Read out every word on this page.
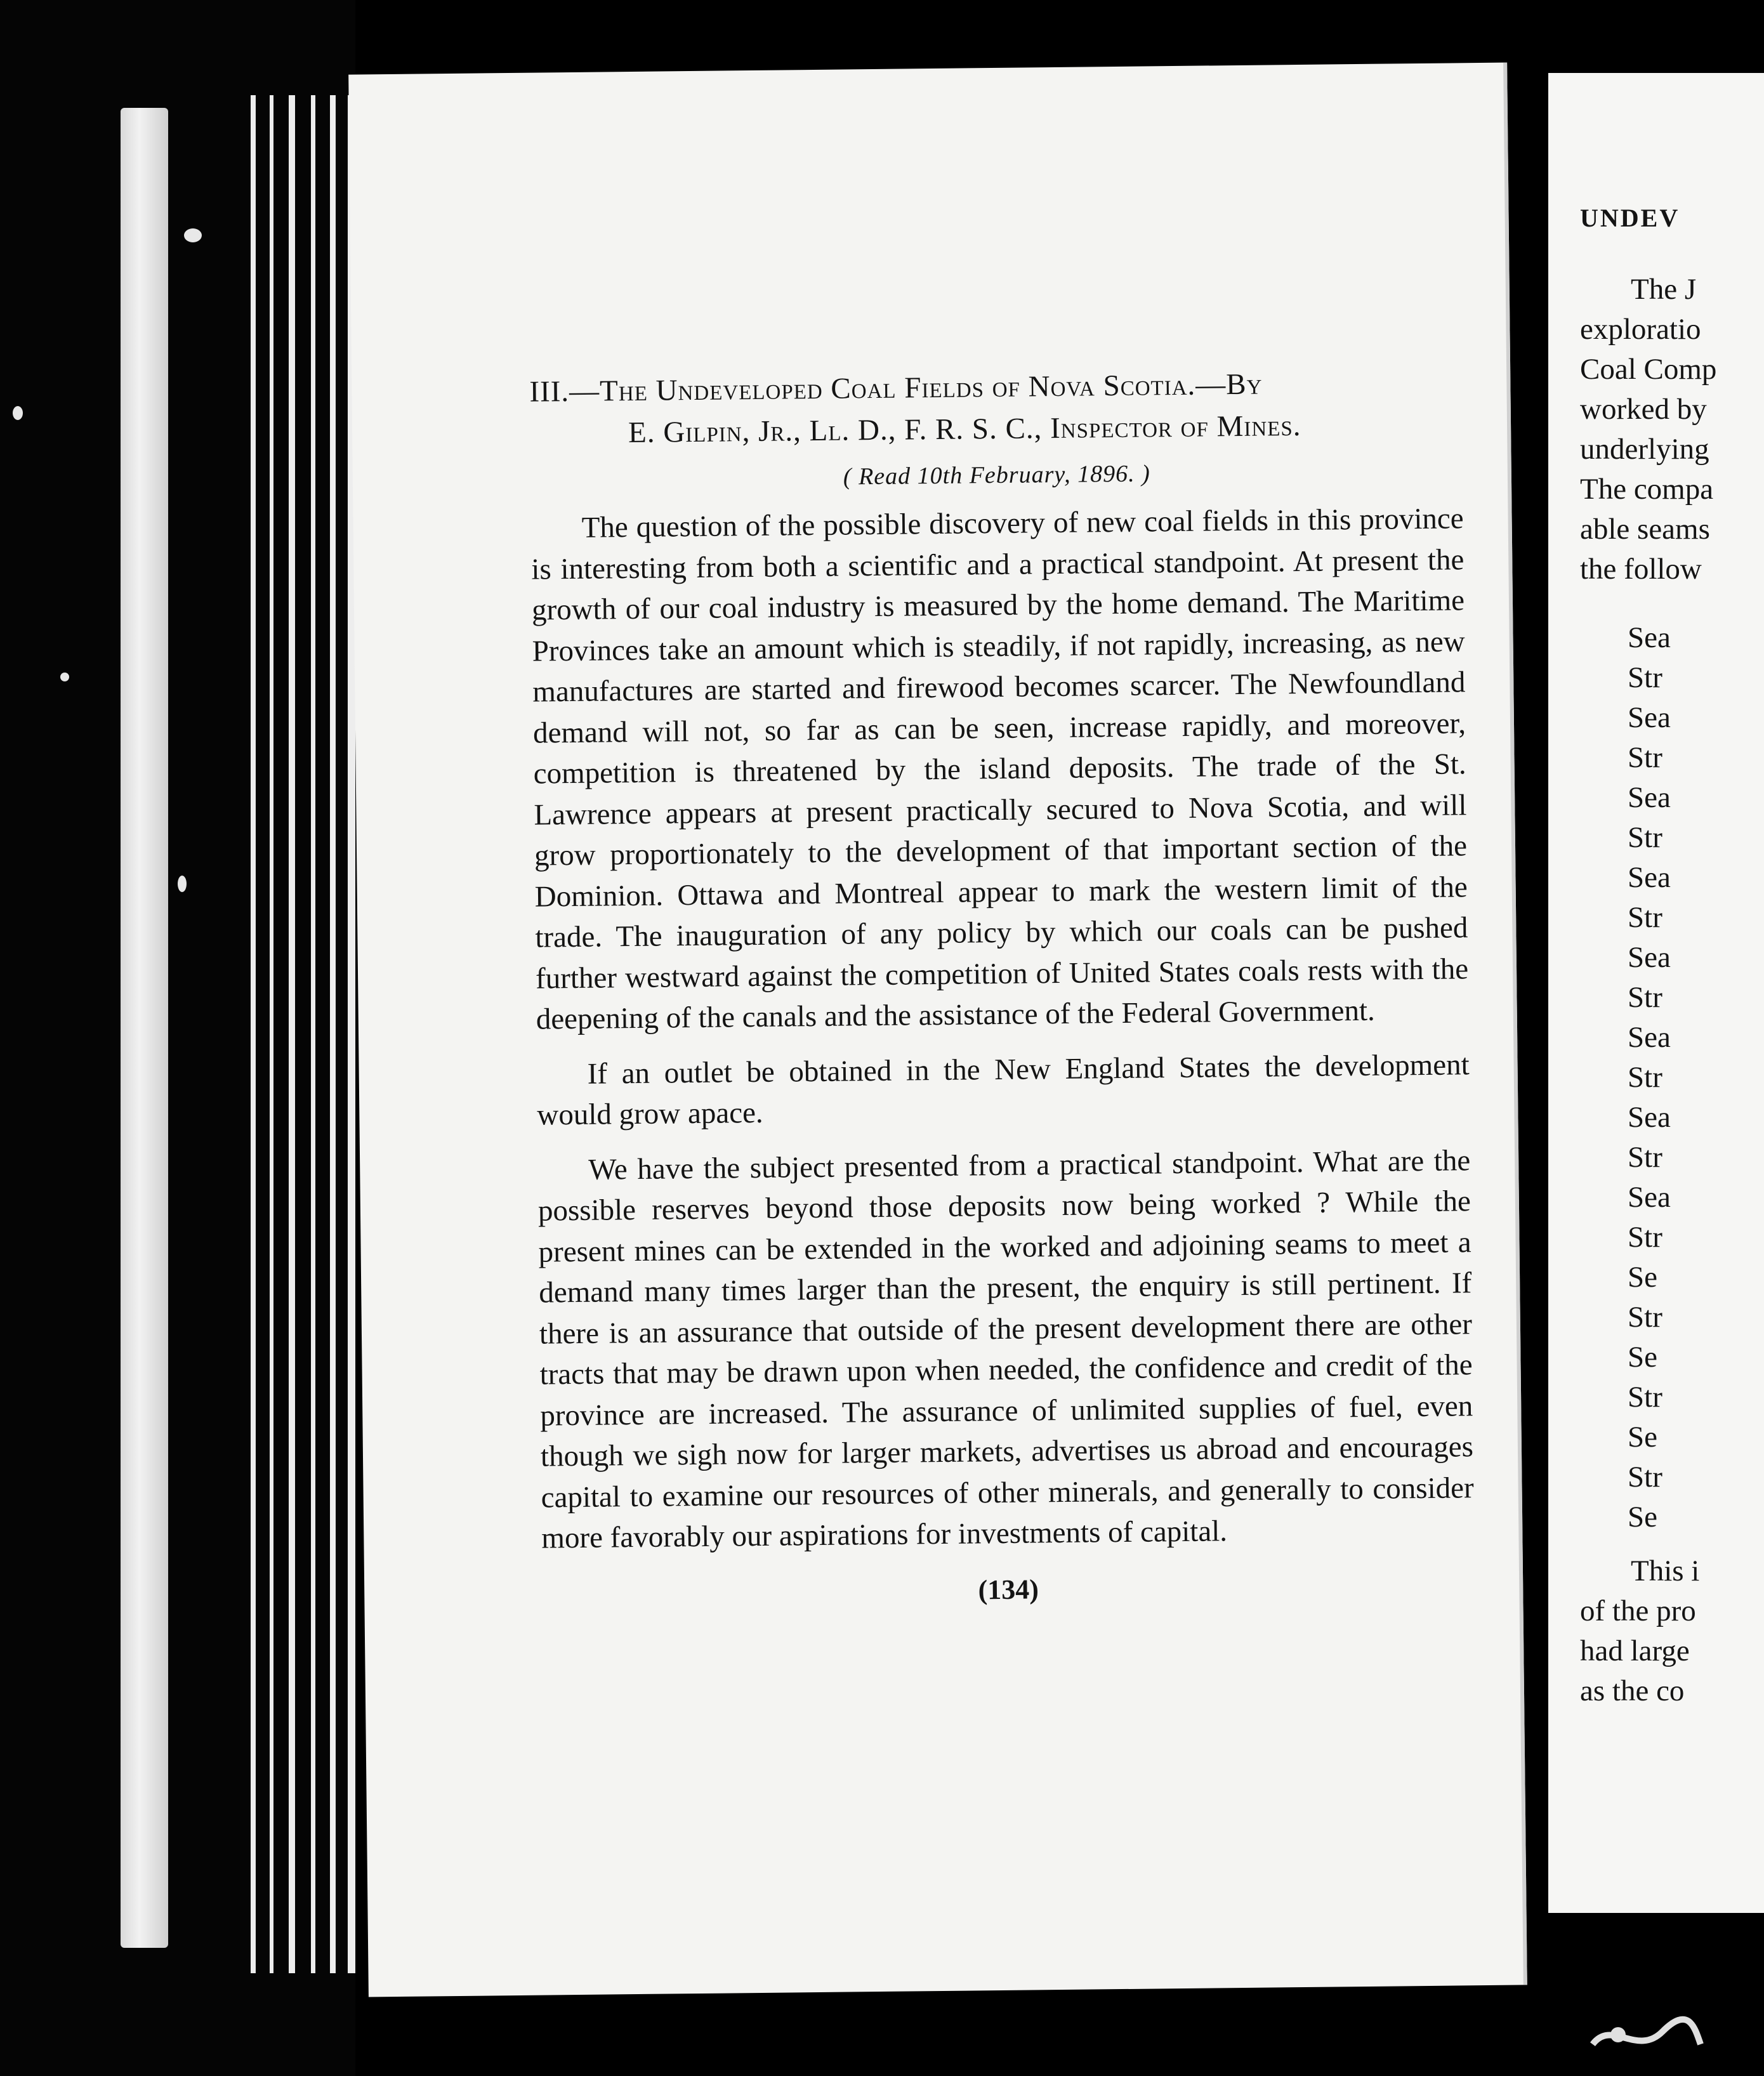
III.—The Undeveloped Coal Fields of Nova Scotia.—By
E. Gilpin, Jr., Ll. D., F. R. S. C., Inspector of Mines.
( Read 10th February, 1896. )

The question of the possible discovery of new coal fields in this province is interesting from both a scientific and a practical standpoint. At present the growth of our coal industry is measured by the home demand. The Maritime Provinces take an amount which is steadily, if not rapidly, increasing, as new manufactures are started and firewood becomes scarcer. The Newfoundland demand will not, so far as can be seen, increase rapidly, and moreover, competition is threatened by the island deposits. The trade of the St. Lawrence appears at present practically secured to Nova Scotia, and will grow proportionately to the development of that important section of the Dominion. Ottawa and Montreal appear to mark the western limit of the trade. The inauguration of any policy by which our coals can be pushed further westward against the competition of United States coals rests with the deepening of the canals and the assistance of the Federal Government.

If an outlet be obtained in the New England States the development would grow apace.

We have the subject presented from a practical standpoint. What are the possible reserves beyond those deposits now being worked ? While the present mines can be extended in the worked and adjoining seams to meet a demand many times larger than the present, the enquiry is still pertinent. If there is an assurance that outside of the present development there are other tracts that may be drawn upon when needed, the confidence and credit of the province are increased. The assurance of unlimited supplies of fuel, even though we sigh now for larger markets, advertises us abroad and encourages capital to examine our resources of other minerals, and generally to consider more favorably our aspirations for investments of capital.

(134)
UNDEV
The J
exploratio
Coal Comp
worked by
underlying
The compa
able seams
the follow
Sea
Str
Sea
Str
Sea
Str
Sea
Str
Sea
Str
Sea
Str
Sea
Str
Sea
Str
Se
Str
Se
Str
Se
Str
Se
This i
of the pro
had large
as the co
